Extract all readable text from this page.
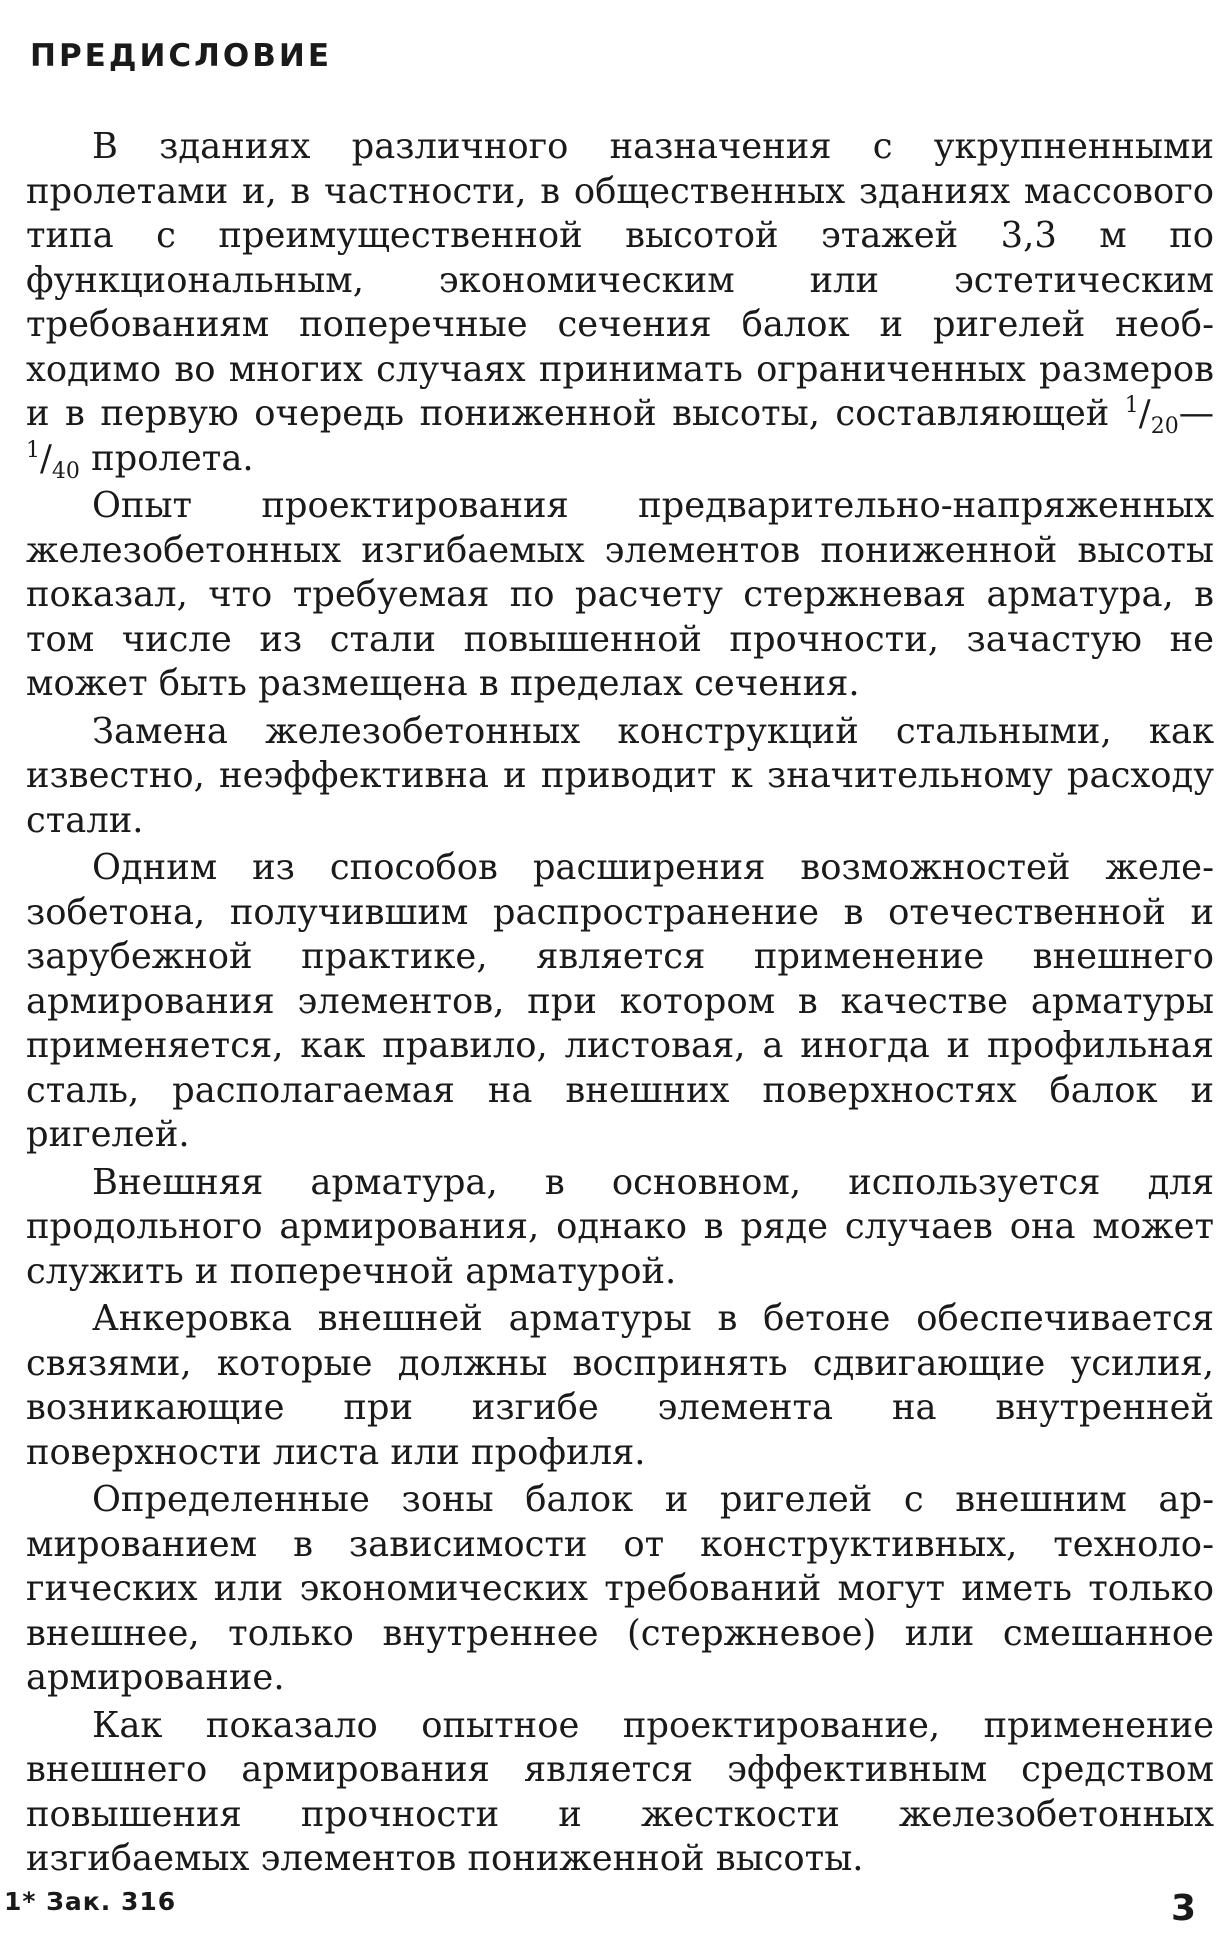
ПРЕДИСЛОВИЕ

В зданиях различного назначения с укрупненными пролетами и, в частности, в общественных зданиях массового типа с преимущественной высотой этажей 3,3 м по функциональным, экономическим или эстетическим требованиям поперечные сечения балок и ригелей необходимо во многих случаях принимать ограниченных размеров и в первую очередь пониженной высоты, составляющей $^1/_{20}—^1/_{40}$ пролета.

Опыт проектирования предварительно-напряженных железобетонных изгибаемых элементов пониженной высоты показал, что требуемая по расчету стержневая арматура, в том числе из стали повышенной прочности, зачастую не может быть размещена в пределах сечения.

Замена железобетонных конструкций стальными, как известно, неэффективна и приводит к значительному расходу стали.

Одним из способов расширения возможностей железобетона, получившим распространение в отечественной и зарубежной практике, является применение внешнего армирования элементов, при котором в качестве арматуры применяется, как правило, листовая, а иногда и профильная сталь, располагаемая на внешних поверхностях балок и ригелей.

Внешняя арматура, в основном, используется для продольного армирования, однако в ряде случаев она может служить и поперечной арматурой.

Анкеровка внешней арматуры в бетоне обеспечивается связями, которые должны воспринять сдвигающие усилия, возникающие при изгибе элемента на внутренней поверхности листа или профиля.

Определенные зоны балок и ригелей с внешним армированием в зависимости от конструктивных, технологических или экономических требований могут иметь только внешнее, только внутреннее (стержневое) или смешанное армирование.

Как показало опытное проектирование, применение внешнего армирования является эффективным средством повышения прочности и жесткости железобетонных изгибаемых элементов пониженной высоты.

1* Зак. 316	3
